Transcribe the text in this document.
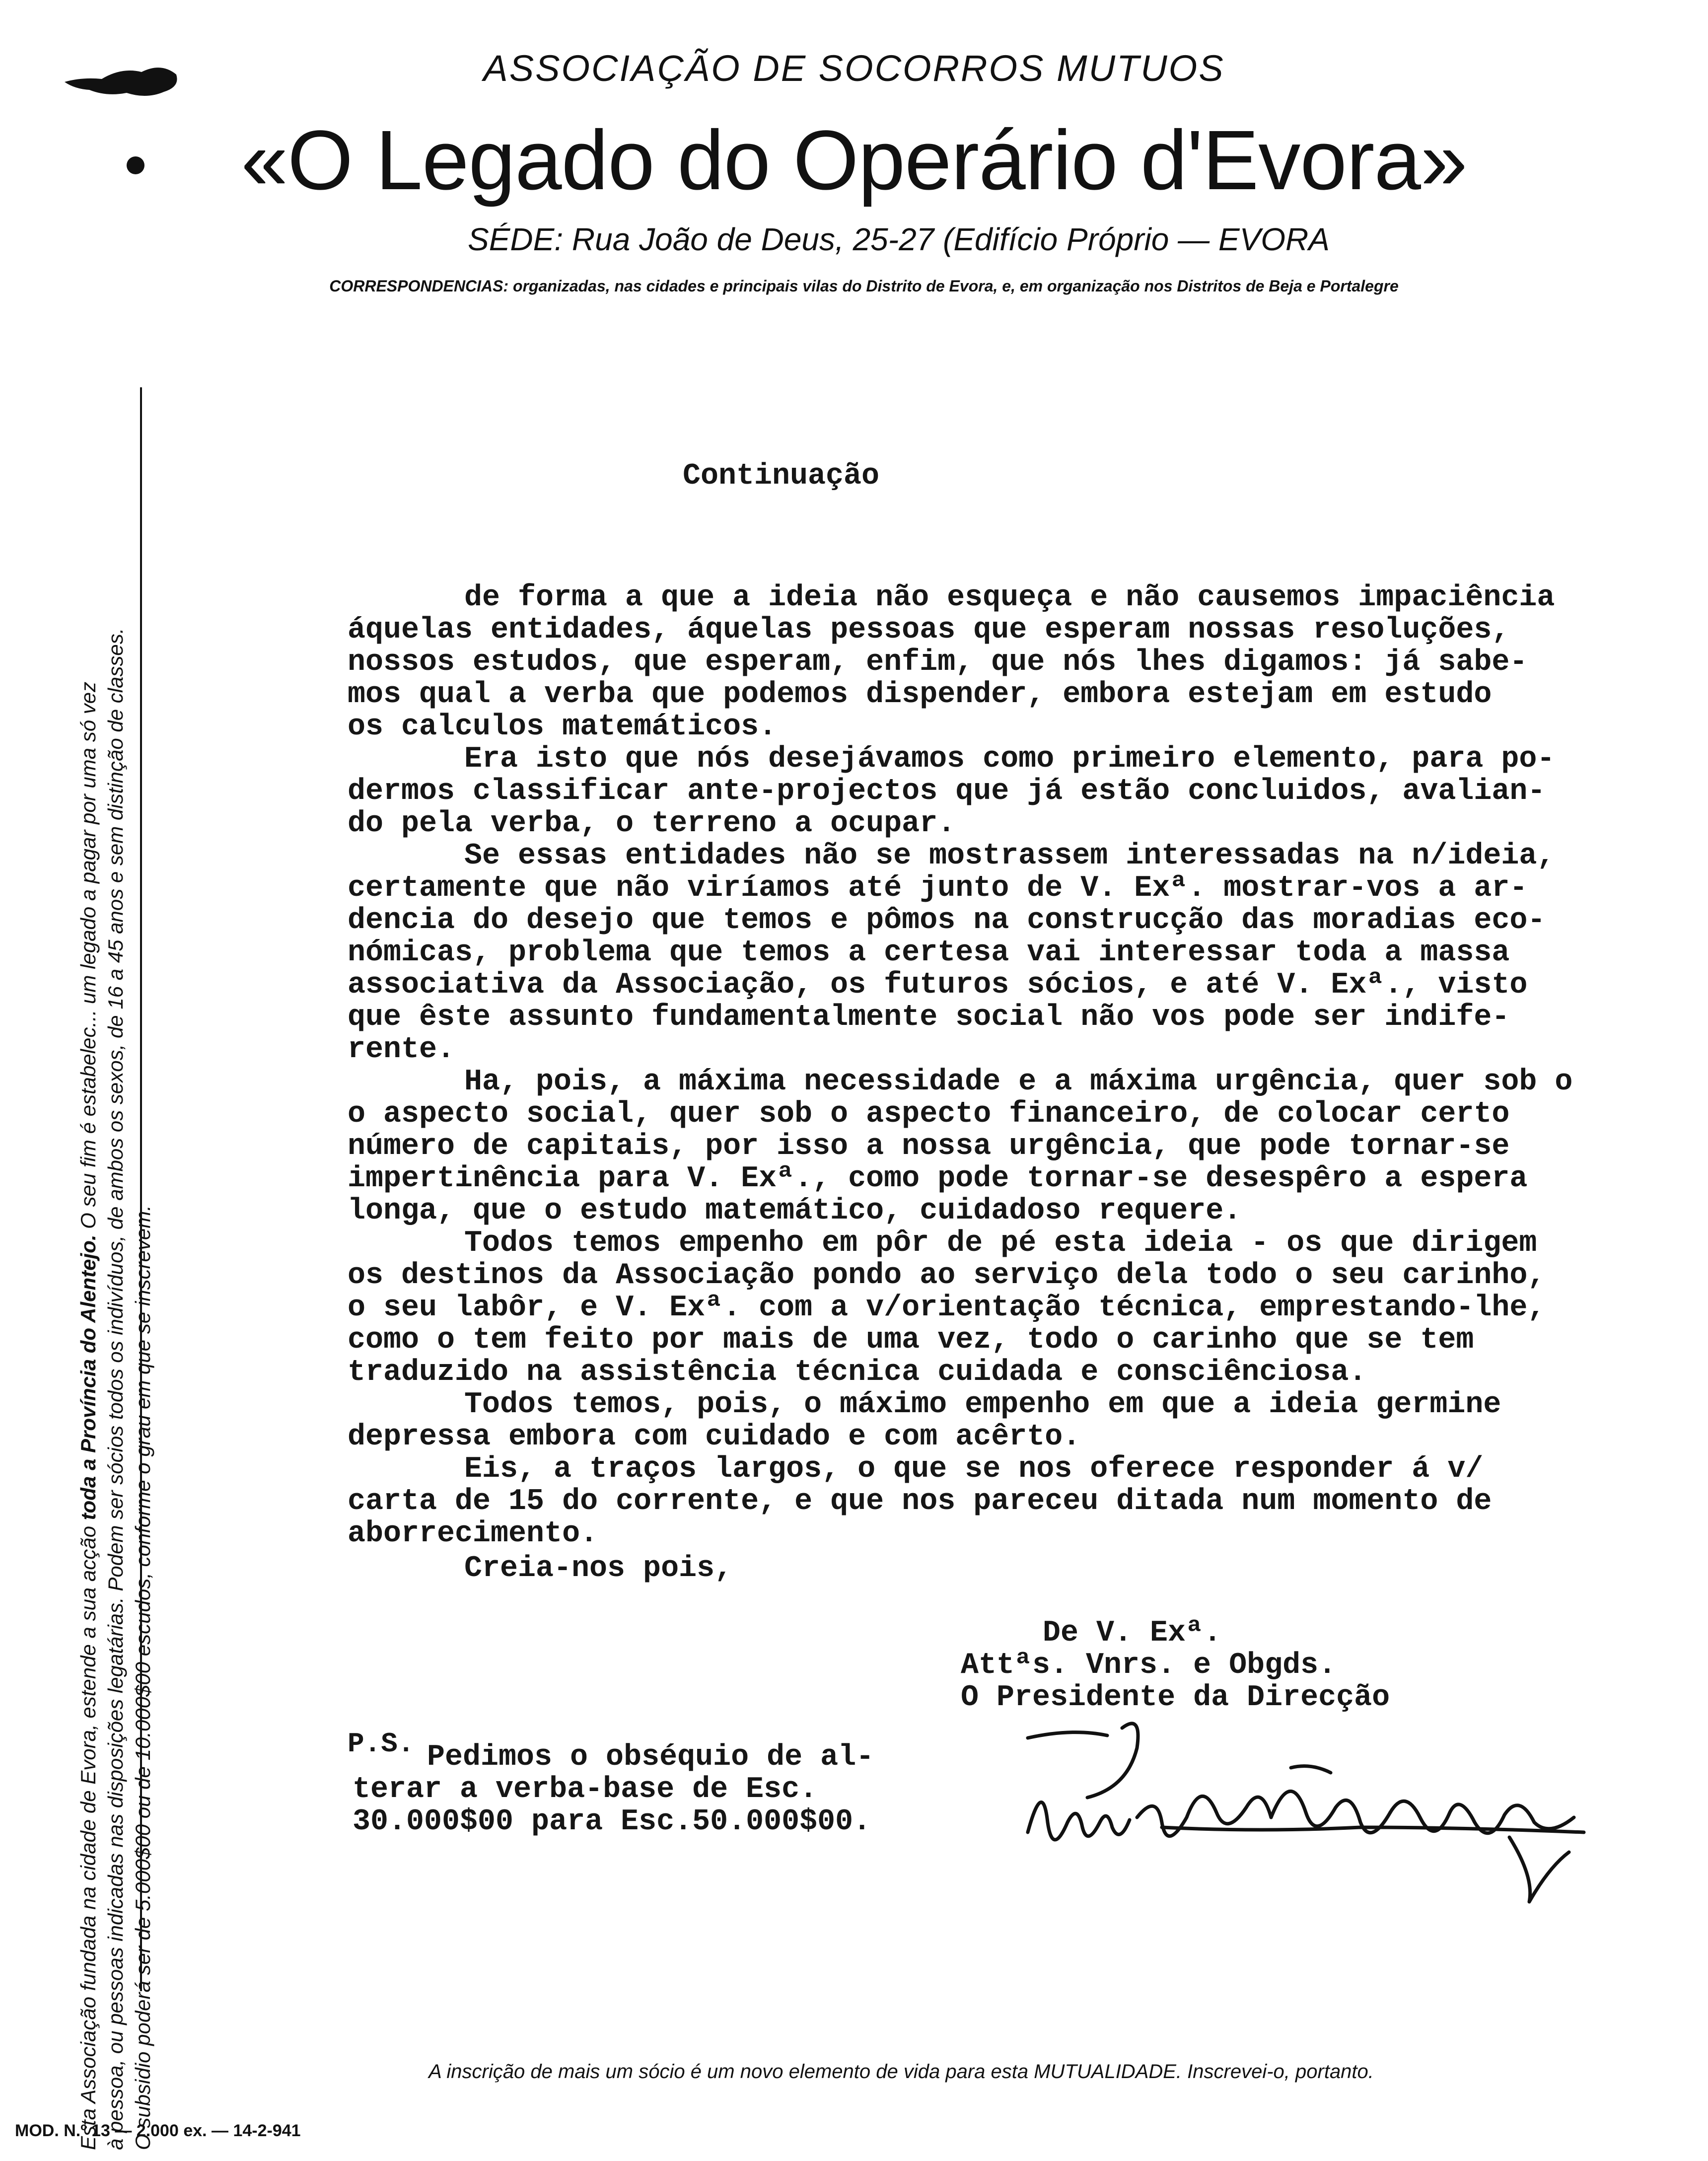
ASSOCIAÇÃO DE SOCORROS MUTUOS
«O Legado do Operário d'Evora»
SÉDE: Rua João de Deus, 25-27 (Edifício Próprio — EVORA
CORRESPONDENCIAS: organizadas, nas cidades e principais vilas do Distrito de Evora, e, em organização nos Distritos de Beja e Portalegre
Esta Associação fundada na cidade de Evora, estende a sua acção toda a Província do Alentejo. O seu fim é estabelec... um legado a pagar por uma só vez à pessoa, ou pessoas indicadas nas disposições legatárias. Podem ser sócios todos os indivíduos, de ambos os sexos, de 16 a 45 anos e sem distinção de classes. O subsidio poderá ser de 5.000$00 ou de 10.000$00 escudos, conforme o grau em que se inscrevem.
Continuação
de forma a que a ideia não esqueça e não causemos impaciência
áquelas entidades, áquelas pessoas que esperam nossas resoluções,
nossos estudos, que esperam, enfim, que nós lhes digamos: já sabe-
mos qual a verba que podemos dispender, embora estejam em estudo
os calculos matemáticos.
Era isto que nós desejávamos como primeiro elemento, para po-
dermos classificar ante-projectos que já estão concluidos, avalian-
do pela verba, o terreno a ocupar.
Se essas entidades não se mostrassem interessadas na n/ideia,
certamente que não viríamos até junto de V. Exª. mostrar-vos a ar-
dencia do desejo que temos e pômos na construcção das moradias eco-
nómicas, problema que temos a certesa vai interessar toda a massa
associativa da Associação, os futuros sócios, e até V. Exª., visto
que êste assunto fundamentalmente social não vos pode ser indife-
rente.
Ha, pois, a máxima necessidade e a máxima urgência, quer sob o
o aspecto social, quer sob o aspecto financeiro, de colocar certo
número de capitais, por isso a nossa urgência, que pode tornar-se
impertinência para V. Exª., como pode tornar-se desespêro a espera
longa, que o estudo matemático, cuidadoso requere.
Todos temos empenho em pôr de pé esta ideia - os que dirigem
os destinos da Associação pondo ao serviço dela todo o seu carinho,
o seu labôr, e V. Exª. com a v/orientação técnica, emprestando-lhe,
como o tem feito por mais de uma vez, todo o carinho que se tem
traduzido na assistência técnica cuidada e consciênciosa.
Todos temos, pois, o máximo empenho em que a ideia germine
depressa embora com cuidado e com acêrto.
Eis, a traços largos, o que se nos oferece responder á v/
carta de 15 do corrente, e que nos pareceu ditada num momento de
aborrecimento.
Creia-nos pois,
De V. Exª.
Attªs. Vnrs. e Obgds.
O Presidente da Direcção
P.S. Pedimos o obséquio de al-
terar a verba-base de Esc.
30.000$00 para Esc.50.000$00.
A inscrição de mais um sócio é um novo elemento de vida para esta MUTUALIDADE. Inscrevei-o, portanto.
MOD. N.º 13 — 2.000 ex. — 14-2-941
